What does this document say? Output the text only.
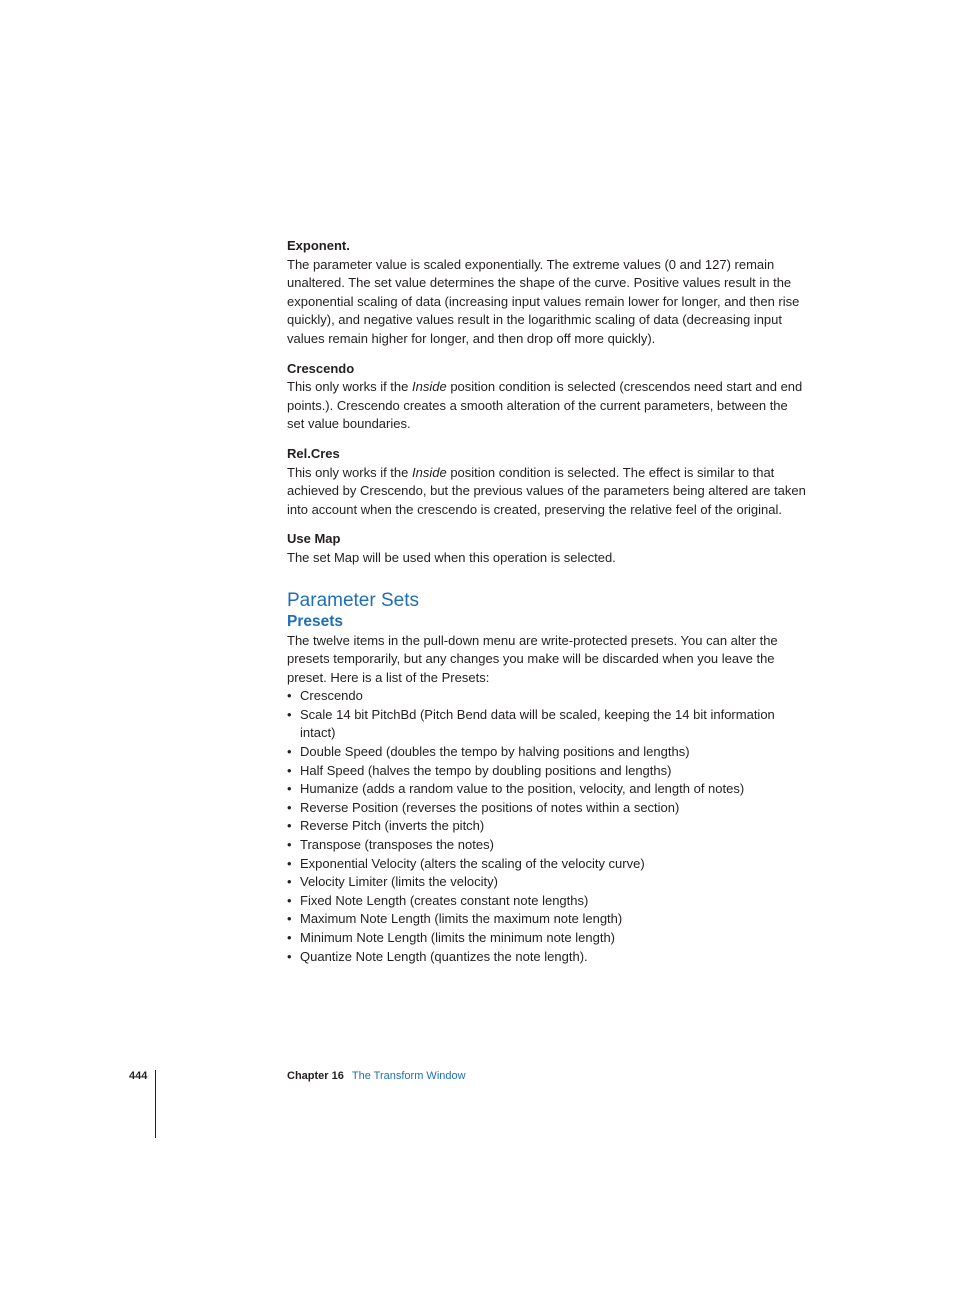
Exponent.
The parameter value is scaled exponentially. The extreme values (0 and 127) remain unaltered. The set value determines the shape of the curve. Positive values result in the exponential scaling of data (increasing input values remain lower for longer, and then rise quickly), and negative values result in the logarithmic scaling of data (decreasing input values remain higher for longer, and then drop off more quickly).
Crescendo
This only works if the Inside position condition is selected (crescendos need start and end points.). Crescendo creates a smooth alteration of the current parameters, between the set value boundaries.
Rel.Cres
This only works if the Inside position condition is selected. The effect is similar to that achieved by Crescendo, but the previous values of the parameters being altered are taken into account when the crescendo is created, preserving the relative feel of the original.
Use Map
The set Map will be used when this operation is selected.
Parameter Sets
Presets
The twelve items in the pull-down menu are write-protected presets. You can alter the presets temporarily, but any changes you make will be discarded when you leave the preset. Here is a list of the Presets:
• Crescendo
• Scale 14 bit PitchBd (Pitch Bend data will be scaled, keeping the 14 bit information intact)
• Double Speed (doubles the tempo by halving positions and lengths)
• Half Speed (halves the tempo by doubling positions and lengths)
• Humanize (adds a random value to the position, velocity, and length of notes)
• Reverse Position (reverses the positions of notes within a section)
• Reverse Pitch (inverts the pitch)
• Transpose (transposes the notes)
• Exponential Velocity (alters the scaling of the velocity curve)
• Velocity Limiter (limits the velocity)
• Fixed Note Length (creates constant note lengths)
• Maximum Note Length (limits the maximum note length)
• Minimum Note Length (limits the minimum note length)
• Quantize Note Length (quantizes the note length).
444	Chapter 16 The Transform Window
